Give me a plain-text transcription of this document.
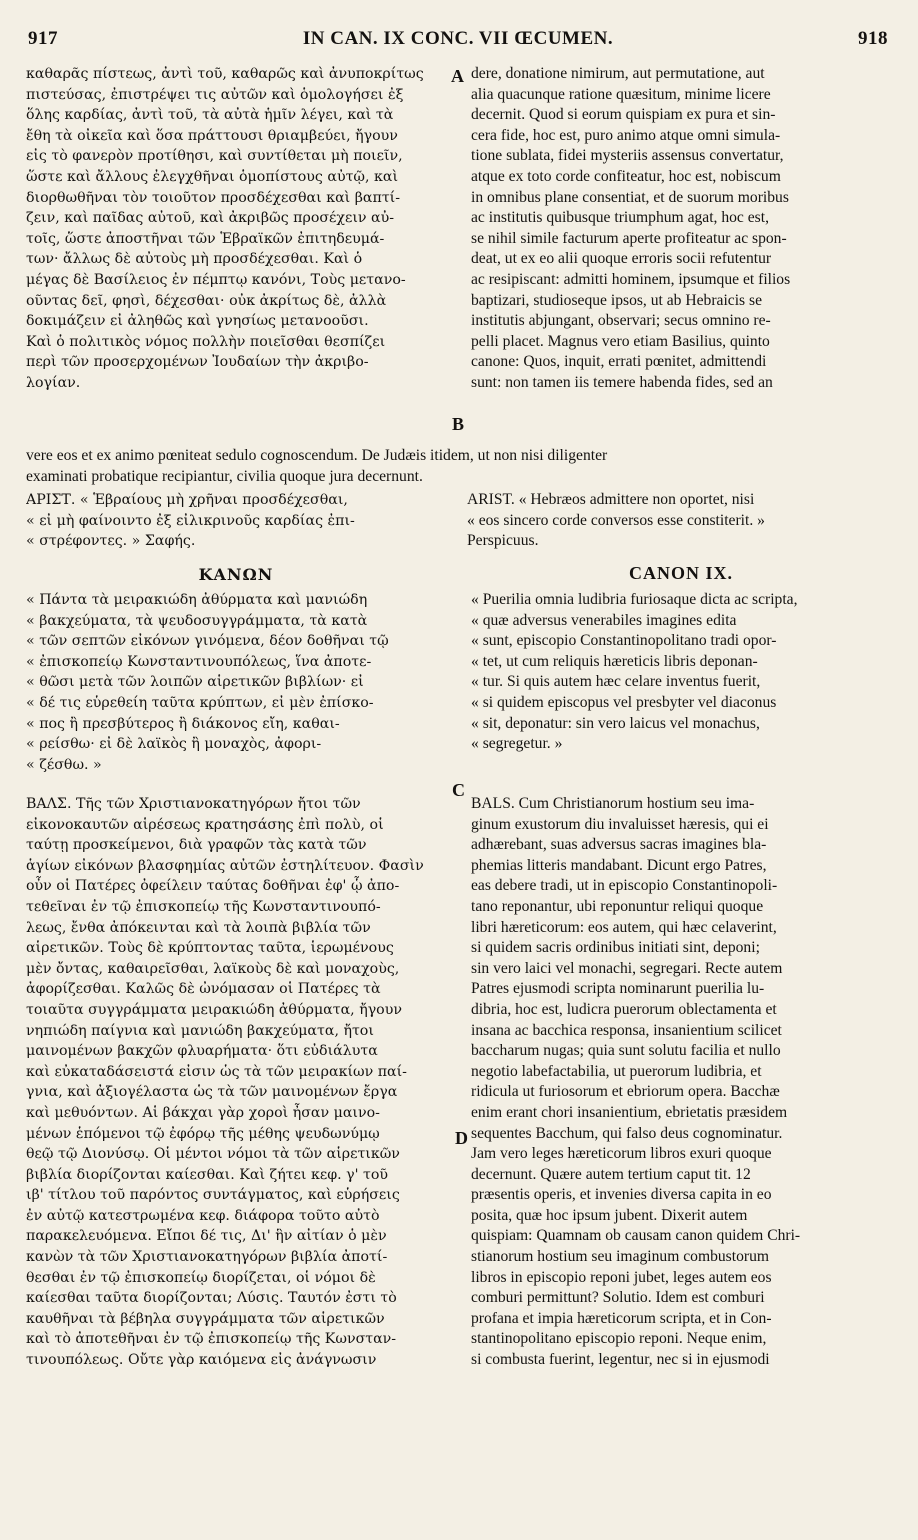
917	IN CAN. IX CONC. VII ŒCUMEN.	918
A
B
C
D
καθαρᾶς πίστεως, ἀντὶ τοῦ, καθαρῶς καὶ ἀνυποκρίτως
πιστεύσας, ἐπιστρέψει τις αὐτῶν καὶ ὁμολογήσει ἐξ
ὅλης καρδίας, ἀντὶ τοῦ, τὰ αὐτὰ ἡμῖν λέγει, καὶ τὰ
ἔθη τὰ οἰκεῖα καὶ ὅσα πράττουσι θριαμβεύει, ἤγουν
εἰς τὸ φανερὸν προτίθησι, καὶ συντίθεται μὴ ποιεῖν,
ὥστε καὶ ἄλλους ἐλεγχθῆναι ὁμοπίστους αὐτῷ, καὶ
διορθωθῆναι τὸν τοιοῦτον προσδέχεσθαι καὶ βαπτί-
ζειν, καὶ παῖδας αὐτοῦ, καὶ ἀκριβῶς προσέχειν αὐ-
τοῖς, ὥστε ἀποστῆναι τῶν Ἑβραϊκῶν ἐπιτηδευμά-
των· ἄλλως δὲ αὐτοὺς μὴ προσδέχεσθαι. Καὶ ὁ
μέγας δὲ Βασίλειος ἐν πέμπτῳ κανόνι, Τοὺς μετανο-
οῦντας δεῖ, φησὶ, δέχεσθαι· οὐκ ἀκρίτως δὲ, ἀλλὰ
δοκιμάζειν εἰ ἀληθῶς καὶ γνησίως μετανοοῦσι.
Καὶ ὁ πολιτικὸς νόμος πολλὴν ποιεῖσθαι θεσπίζει
περὶ τῶν προσερχομένων Ἰουδαίων τὴν ἀκριβο-
λογίαν.
dere, donatione nimirum, aut permutatione, aut
alia quacunque ratione quæsitum, minime licere
decernit. Quod si eorum quispiam ex pura et sin-
cera fide, hoc est, puro animo atque omni simula-
tione sublata, fidei mysteriis assensus convertatur,
atque ex toto corde confiteatur, hoc est, nobiscum
in omnibus plane consentiat, et de suorum moribus
ac institutis quibusque triumphum agat, hoc est,
se nihil simile facturum aperte profiteatur ac spon-
deat, ut ex eo alii quoque erroris socii refutentur
ac resipiscant: admitti hominem, ipsumque et filios
baptizari, studioseque ipsos, ut ab Hebraicis se
institutis abjungant, observari; secus omnino re-
pelli placet. Magnus vero etiam Basilius, quinto
canone: Quos, inquit, errati pœnitet, admittendi
sunt: non tamen iis temere habenda fides, sed an
vere eos et ex animo pœniteat sedulo cognoscendum. De Judæis itidem, ut non nisi diligenter
examinati probatique recipiantur, civilia quoque jura decernunt.
ΑΡΙΣΤ. « Ἑβραίους μὴ χρῆναι προσδέχεσθαι,
« εἰ μὴ φαίνοιντο ἐξ εἰλικρινοῦς καρδίας ἐπι-
« στρέφοντες. » Σαφής.
ARIST. « Hebræos admittere non oportet, nisi
« eos sincero corde conversos esse constiterit. »
Perspicuus.
ΚΑΝΩΝ	CANON IX.
« Πάντα τὰ μειρακιώδη ἀθύρματα καὶ μανιώδη
« βακχεύματα, τὰ ψευδοσυγγράμματα, τὰ κατὰ
« τῶν σεπτῶν εἰκόνων γινόμενα, δέον δοθῆναι τῷ
« ἐπισκοπείῳ Κωνσταντινουπόλεως, ἵνα ἀποτε-
« θῶσι μετὰ τῶν λοιπῶν αἱρετικῶν βιβλίων· εἰ
« δέ τις εὑρεθείη ταῦτα κρύπτων, εἰ μὲν ἐπίσκο-
« πος ἢ πρεσβύτερος ἢ διάκονος εἴη, καθαι-
« ρείσθω· εἰ δὲ λαϊκὸς ἢ μοναχὸς, ἀφορι-
« ζέσθω. »
« Puerilia omnia ludibria furiosaque dicta ac scripta,
« quæ adversus venerabiles imagines edita
« sunt, episcopio Constantinopolitano tradi opor-
« tet, ut cum reliquis hæreticis libris deponan-
« tur. Si quis autem hæc celare inventus fuerit,
« si quidem episcopus vel presbyter vel diaconus
« sit, deponatur: sin vero laicus vel monachus,
« segregetur. »
ΒΑΛΣ. Τῆς τῶν Χριστιανοκατηγόρων ἤτοι τῶν
εἰκονοκαυτῶν αἱρέσεως κρατησάσης ἐπὶ πολὺ, οἱ
ταύτῃ προσκείμενοι, διὰ γραφῶν τὰς κατὰ τῶν
ἁγίων εἰκόνων βλασφημίας αὐτῶν ἐστηλίτευον. Φασὶν
οὖν οἱ Πατέρες ὀφείλειν ταύτας δοθῆναι ἐφ' ᾧ ἀπο-
τεθεῖναι ἐν τῷ ἐπισκοπείῳ τῆς Κωνσταντινουπό-
λεως, ἔνθα ἀπόκεινται καὶ τὰ λοιπὰ βιβλία τῶν
αἱρετικῶν. Τοὺς δὲ κρύπτοντας ταῦτα, ἱερωμένους
μὲν ὄντας, καθαιρεῖσθαι, λαϊκοὺς δὲ καὶ μοναχοὺς,
ἀφορίζεσθαι. Καλῶς δὲ ὠνόμασαν οἱ Πατέρες τὰ
τοιαῦτα συγγράμματα μειρακιώδη ἀθύρματα, ἤγουν
νηπιώδη παίγνια καὶ μανιώδη βακχεύματα, ἤτοι
μαινομένων βακχῶν φλυαρήματα· ὅτι εὐδιάλυτα
καὶ εὐκαταδάσειστά εἰσιν ὡς τὰ τῶν μειρακίων παί-
γνια, καὶ ἀξιογέλαστα ὡς τὰ τῶν μαινομένων ἔργα
καὶ μεθυόντων. Αἱ βάκχαι γὰρ χοροὶ ἦσαν μαινο-
μένων ἑπόμενοι τῷ ἐφόρῳ τῆς μέθης ψευδωνύμῳ
θεῷ τῷ Διονύσῳ. Οἱ μέντοι νόμοι τὰ τῶν αἱρετικῶν
βιβλία διορίζονται καίεσθαι. Καὶ ζήτει κεφ. γ' τοῦ
ιβ' τίτλου τοῦ παρόντος συντάγματος, καὶ εὑρήσεις
ἐν αὐτῷ κατεστρωμένα κεφ. διάφορα τοῦτο αὐτὸ
παρακελευόμενα. Εἴποι δέ τις, Δι' ἣν αἰτίαν ὁ μὲν
κανὼν τὰ τῶν Χριστιανοκατηγόρων βιβλία ἀποτί-
θεσθαι ἐν τῷ ἐπισκοπείῳ διορίζεται, οἱ νόμοι δὲ
καίεσθαι ταῦτα διορίζονται; Λύσις. Ταυτόν ἐστι τὸ
καυθῆναι τὰ βέβηλα συγγράμματα τῶν αἱρετικῶν
καὶ τὸ ἀποτεθῆναι ἐν τῷ ἐπισκοπείῳ τῆς Κωνσταν-
τινουπόλεως. Οὔτε γὰρ καιόμενα εἰς ἀνάγνωσιν
BALS. Cum Christianorum hostium seu ima-
ginum exustorum diu invaluisset hæresis, qui ei
adhærebant, suas adversus sacras imagines bla-
phemias litteris mandabant. Dicunt ergo Patres,
eas debere tradi, ut in episcopio Constantinopoli-
tano reponantur, ubi reponuntur reliqui quoque
libri hæreticorum: eos autem, qui hæc celaverint,
si quidem sacris ordinibus initiati sint, deponi;
sin vero laici vel monachi, segregari. Recte autem
Patres ejusmodi scripta nominarunt puerilia lu-
dibria, hoc est, ludicra puerorum oblectamenta et
insana ac bacchica responsa, insanientium scilicet
baccharum nugas; quia sunt solutu facilia et nullo
negotio labefactabilia, ut puerorum ludibria, et
ridicula ut furiosorum et ebriorum opera. Bacchæ
enim erant chori insanientium, ebrietatis præsidem
sequentes Bacchum, qui falso deus cognominatur.
Jam vero leges hæreticorum libros exuri quoque
decernunt. Quære autem tertium caput tit. 12
præsentis operis, et invenies diversa capita in eo
posita, quæ hoc ipsum jubent. Dixerit autem
quispiam: Quamnam ob causam canon quidem Chri-
stianorum hostium seu imaginum combustorum
libros in episcopio reponi jubet, leges autem eos
comburi permittunt? Solutio. Idem est comburi
profana et impia hæreticorum scripta, et in Con-
stantinopolitano episcopio reponi. Neque enim,
si combusta fuerint, legentur, nec si in ejusmodi
